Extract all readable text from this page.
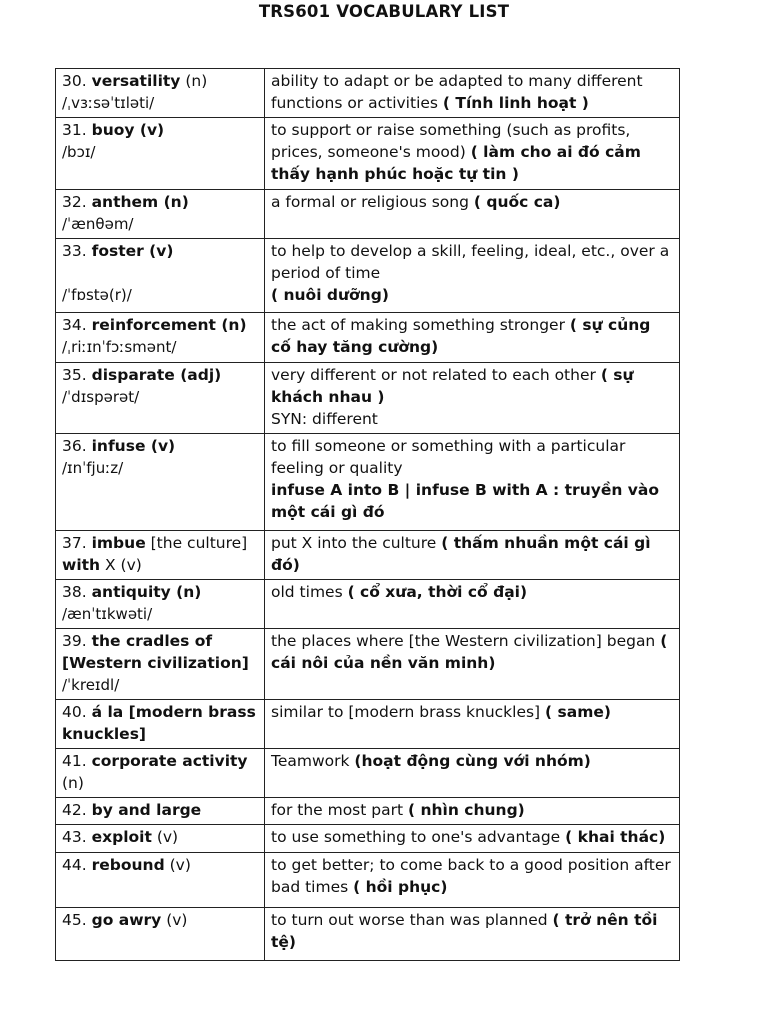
TRS601 VOCABULARY LIST
30. versatility (n)
/ˌvɜːsəˈtɪləti/	ability to adapt or be adapted to many different functions or activities ( Tính linh hoạt )
31. buoy (v)
/bɔɪ/	to support or raise something (such as profits, prices, someone's mood) ( làm cho ai đó cảm thấy hạnh phúc hoặc tự tin )
32. anthem (n)
/ˈænθəm/	a formal or religious song ( quốc ca)
33. foster (v)
/ˈfɒstə(r)/	to help to develop a skill, feeling, ideal, etc., over a period of time
( nuôi dưỡng)
34. reinforcement (n)
/ˌriːɪnˈfɔːsmənt/	the act of making something stronger ( sự củng cố hay tăng cường)
35. disparate (adj)
/ˈdɪspərət/	very different or not related to each other ( sự khách nhau )
SYN: different
36. infuse (v)
/ɪnˈfjuːz/	to fill someone or something with a particular feeling or quality
infuse A into B | infuse B with A : truyền vào một cái gì đó
37. imbue [the culture] with X (v)	put X into the culture ( thấm nhuần một cái gì đó)
38. antiquity (n)
/ænˈtɪkwəti/	old times ( cổ xưa, thời cổ đại)
39. the cradles of [Western civilization]
/ˈkreɪdl/	the places where [the Western civilization] began ( cái nôi của nền văn minh)
40. á la [modern brass knuckles]	similar to [modern brass knuckles] ( same)
41. corporate activity (n)	Teamwork (hoạt động cùng với nhóm)
42. by and large	for the most part ( nhìn chung)
43. exploit (v)	to use something to one's advantage ( khai thác)
44. rebound (v)	to get better; to come back to a good position after bad times ( hồi phục)
45. go awry (v)	to turn out worse than was planned ( trở nên tồi tệ)
